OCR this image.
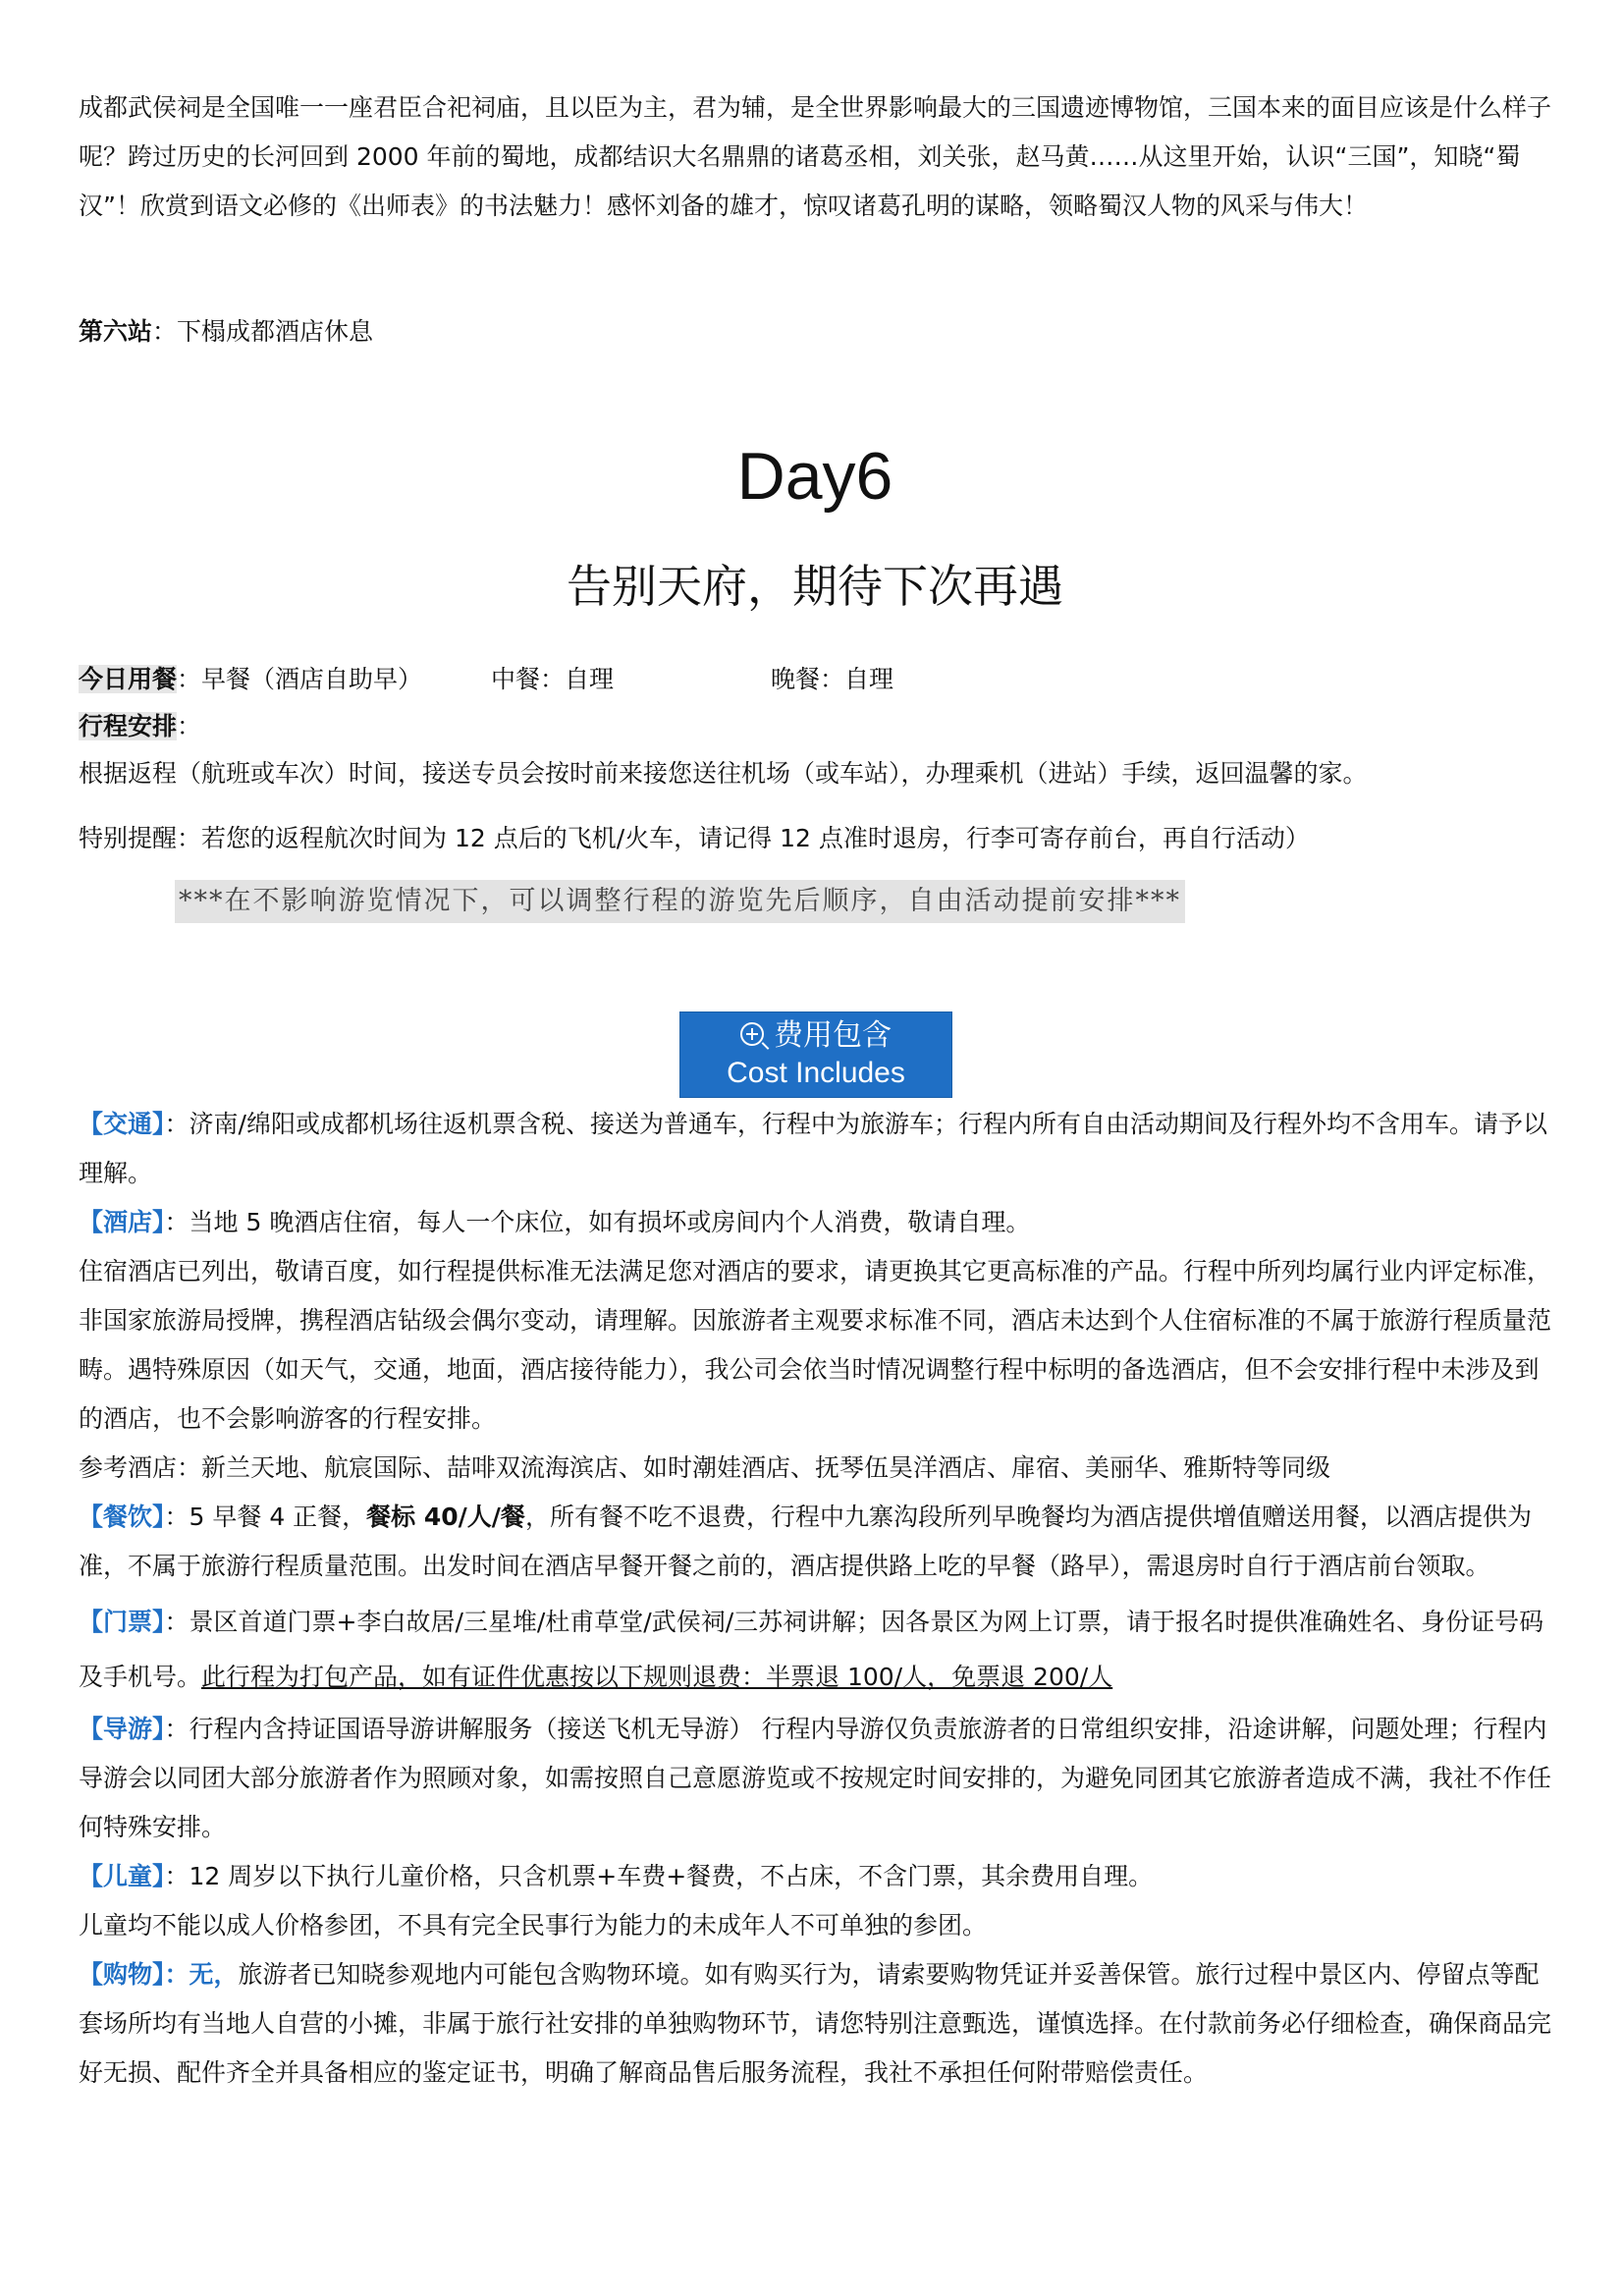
成都武侯祠是全国唯一一座君臣合祀祠庙，且以臣为主，君为辅，是全世界影响最大的三国遗迹博物馆，三国本来的面目应该是什么样子呢？跨过历史的长河回到 2000 年前的蜀地，成都结识大名鼎鼎的诸葛丞相，刘关张，赵马黄……从这里开始，认识“三国”，知晓“蜀汉”！欣赏到语文必修的《出师表》的书法魅力！感怀刘备的雄才，惊叹诸葛孔明的谋略，领略蜀汉人物的风采与伟大！

第六站：下榻成都酒店休息
Day6
告别天府，期待下次再遇
今日用餐：早餐（酒店自助早）	中餐：自理	晚餐：自理
行程安排：
根据返程（航班或车次）时间，接送专员会按时前来接您送往机场（或车站），办理乘机（进站）手续，返回温馨的家。
特别提醒：若您的返程航次时间为 12 点后的飞机/火车，请记得 12 点准时退房，行李可寄存前台，再自行活动）
***在不影响游览情况下，可以调整行程的游览先后顺序，自由活动提前安排***
费用包含
Cost Includes

【交通】：济南/绵阳或成都机场往返机票含税、接送为普通车，行程中为旅游车；行程内所有自由活动期间及行程外均不含用车。请予以理解。

【酒店】：当地 5 晚酒店住宿，每人一个床位，如有损坏或房间内个人消费，敬请自理。

住宿酒店已列出，敬请百度，如行程提供标准无法满足您对酒店的要求，请更换其它更高标准的产品。行程中所列均属行业内评定标准，非国家旅游局授牌，携程酒店钻级会偶尔变动，请理解。因旅游者主观要求标准不同，酒店未达到个人住宿标准的不属于旅游行程质量范畴。遇特殊原因（如天气，交通，地面，酒店接待能力），我公司会依当时情况调整行程中标明的备选酒店，但不会安排行程中未涉及到的酒店，也不会影响游客的行程安排。

参考酒店：新兰天地、航宸国际、喆啡双流海滨店、如时潮娃酒店、抚琴伍昊洋酒店、扉宿、美丽华、雅斯特等同级

【餐饮】：5 早餐 4 正餐，餐标 40/人/餐，所有餐不吃不退费，行程中九寨沟段所列早晚餐均为酒店提供增值赠送用餐，以酒店提供为准，不属于旅游行程质量范围。出发时间在酒店早餐开餐之前的，酒店提供路上吃的早餐（路早），需退房时自行于酒店前台领取。

【门票】：景区首道门票+李白故居/三星堆/杜甫草堂/武侯祠/三苏祠讲解；因各景区为网上订票，请于报名时提供准确姓名、身份证号码及手机号。此行程为打包产品，如有证件优惠按以下规则退费：半票退 100/人，免票退 200/人

【导游】：行程内含持证国语导游讲解服务（接送飞机无导游） 行程内导游仅负责旅游者的日常组织安排，沿途讲解，问题处理；行程内导游会以同团大部分旅游者作为照顾对象，如需按照自己意愿游览或不按规定时间安排的，为避免同团其它旅游者造成不满，我社不作任何特殊安排。

【儿童】：12 周岁以下执行儿童价格，只含机票+车费+餐费，不占床，不含门票，其余费用自理。

儿童均不能以成人价格参团，不具有完全民事行为能力的未成年人不可单独的参团。

【购物】：无，旅游者已知晓参观地内可能包含购物环境。如有购买行为，请索要购物凭证并妥善保管。旅行过程中景区内、停留点等配套场所均有当地人自营的小摊，非属于旅行社安排的单独购物环节，请您特别注意甄选，谨慎选择。在付款前务必仔细检查，确保商品完好无损、配件齐全并具备相应的鉴定证书，明确了解商品售后服务流程，我社不承担任何附带赔偿责任。
